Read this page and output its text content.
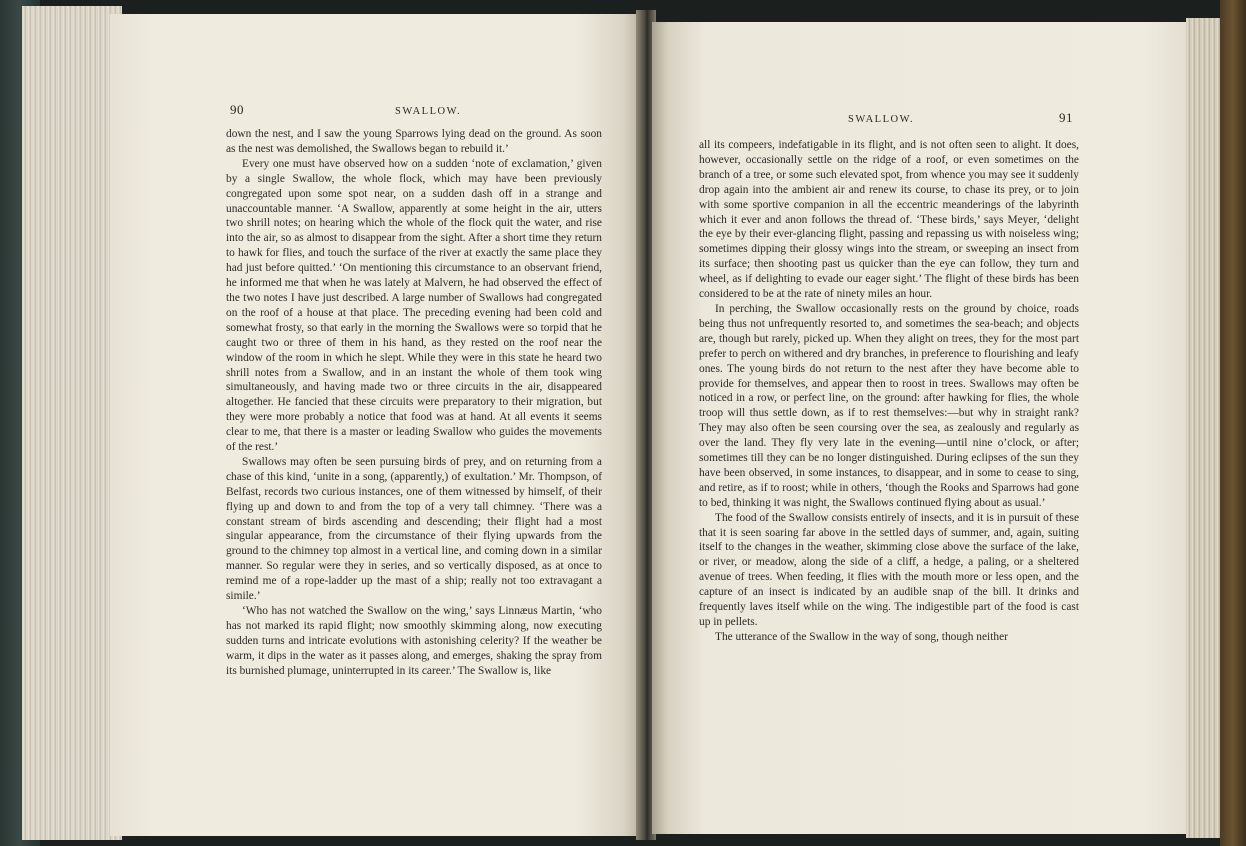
90	SWALLOW.

down the nest, and I saw the young Sparrows lying dead on the ground. As soon as the nest was demolished, the Swallows began to rebuild it.’

Every one must have observed how on a sudden ‘note of exclamation,’ given by a single Swallow, the whole flock, which may have been previously congregated upon some spot near, on a sudden dash off in a strange and unaccountable manner. ‘A Swallow, apparently at some height in the air, utters two shrill notes; on hearing which the whole of the flock quit the water, and rise into the air, so as almost to disappear from the sight. After a short time they return to hawk for flies, and touch the surface of the river at exactly the same place they had just before quitted.’ ‘On mentioning this circumstance to an observant friend, he informed me that when he was lately at Malvern, he had observed the effect of the two notes I have just described. A large number of Swallows had congregated on the roof of a house at that place. The preceding evening had been cold and somewhat frosty, so that early in the morning the Swallows were so torpid that he caught two or three of them in his hand, as they rested on the roof near the window of the room in which he slept. While they were in this state he heard two shrill notes from a Swallow, and in an instant the whole of them took wing simultaneously, and having made two or three circuits in the air, disappeared altogether. He fancied that these circuits were preparatory to their migration, but they were more probably a notice that food was at hand. At all events it seems clear to me, that there is a master or leading Swallow who guides the movements of the rest.’

Swallows may often be seen pursuing birds of prey, and on returning from a chase of this kind, ‘unite in a song, (apparently,) of exultation.’ Mr. Thompson, of Belfast, records two curious instances, one of them witnessed by himself, of their flying up and down to and from the top of a very tall chimney. ‘There was a constant stream of birds ascending and descending; their flight had a most singular appearance, from the circumstance of their flying upwards from the ground to the chimney top almost in a vertical line, and coming down in a similar manner. So regular were they in series, and so vertically disposed, as at once to remind me of a rope-ladder up the mast of a ship; really not too extravagant a simile.’

‘Who has not watched the Swallow on the wing,’ says Linnæus Martin, ‘who has not marked its rapid flight; now smoothly skimming along, now executing sudden turns and intricate evolutions with astonishing celerity? If the weather be warm, it dips in the water as it passes along, and emerges, shaking the spray from its burnished plumage, uninterrupted in its career.’ The Swallow is, like

SWALLOW.	91

all its compeers, indefatigable in its flight, and is not often seen to alight. It does, however, occasionally settle on the ridge of a roof, or even sometimes on the branch of a tree, or some such elevated spot, from whence you may see it suddenly drop again into the ambient air and renew its course, to chase its prey, or to join with some sportive companion in all the eccentric meanderings of the labyrinth which it ever and anon follows the thread of. ‘These birds,’ says Meyer, ‘delight the eye by their ever-glancing flight, passing and repassing us with noiseless wing; sometimes dipping their glossy wings into the stream, or sweeping an insect from its surface; then shooting past us quicker than the eye can follow, they turn and wheel, as if delighting to evade our eager sight.’ The flight of these birds has been considered to be at the rate of ninety miles an hour.

In perching, the Swallow occasionally rests on the ground by choice, roads being thus not unfrequently resorted to, and sometimes the sea-beach; and objects are, though but rarely, picked up. When they alight on trees, they for the most part prefer to perch on withered and dry branches, in preference to flourishing and leafy ones. The young birds do not return to the nest after they have become able to provide for themselves, and appear then to roost in trees. Swallows may often be noticed in a row, or perfect line, on the ground: after hawking for flies, the whole troop will thus settle down, as if to rest themselves:—but why in straight rank? They may also often be seen coursing over the sea, as zealously and regularly as over the land. They fly very late in the evening—until nine o’clock, or after; sometimes till they can be no longer distinguished. During eclipses of the sun they have been observed, in some instances, to disappear, and in some to cease to sing, and retire, as if to roost; while in others, ‘though the Rooks and Sparrows had gone to bed, thinking it was night, the Swallows continued flying about as usual.’

The food of the Swallow consists entirely of insects, and it is in pursuit of these that it is seen soaring far above in the settled days of summer, and, again, suiting itself to the changes in the weather, skimming close above the surface of the lake, or river, or meadow, along the side of a cliff, a hedge, a paling, or a sheltered avenue of trees. When feeding, it flies with the mouth more or less open, and the capture of an insect is indicated by an audible snap of the bill. It drinks and frequently laves itself while on the wing. The indigestible part of the food is cast up in pellets.

The utterance of the Swallow in the way of song, though neither
